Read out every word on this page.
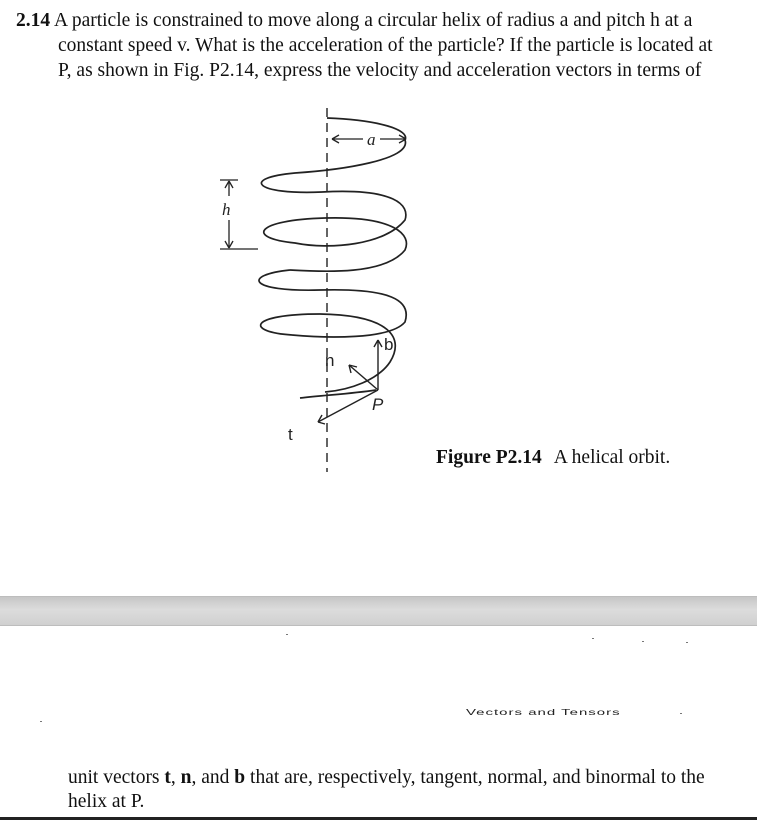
2.14 A particle is constrained to move along a circular helix of radius a and pitch h at a
constant speed v. What is the acceleration of the particle? If the particle is located at
P, as shown in Fig. P2.14, express the velocity and acceleration vectors in terms of
a
h
t
n
b
P
Figure P2.14 A helical orbit.
Vectors and Tensors
unit vectors t, n, and b that are, respectively, tangent, normal, and binormal to the
helix at P.
